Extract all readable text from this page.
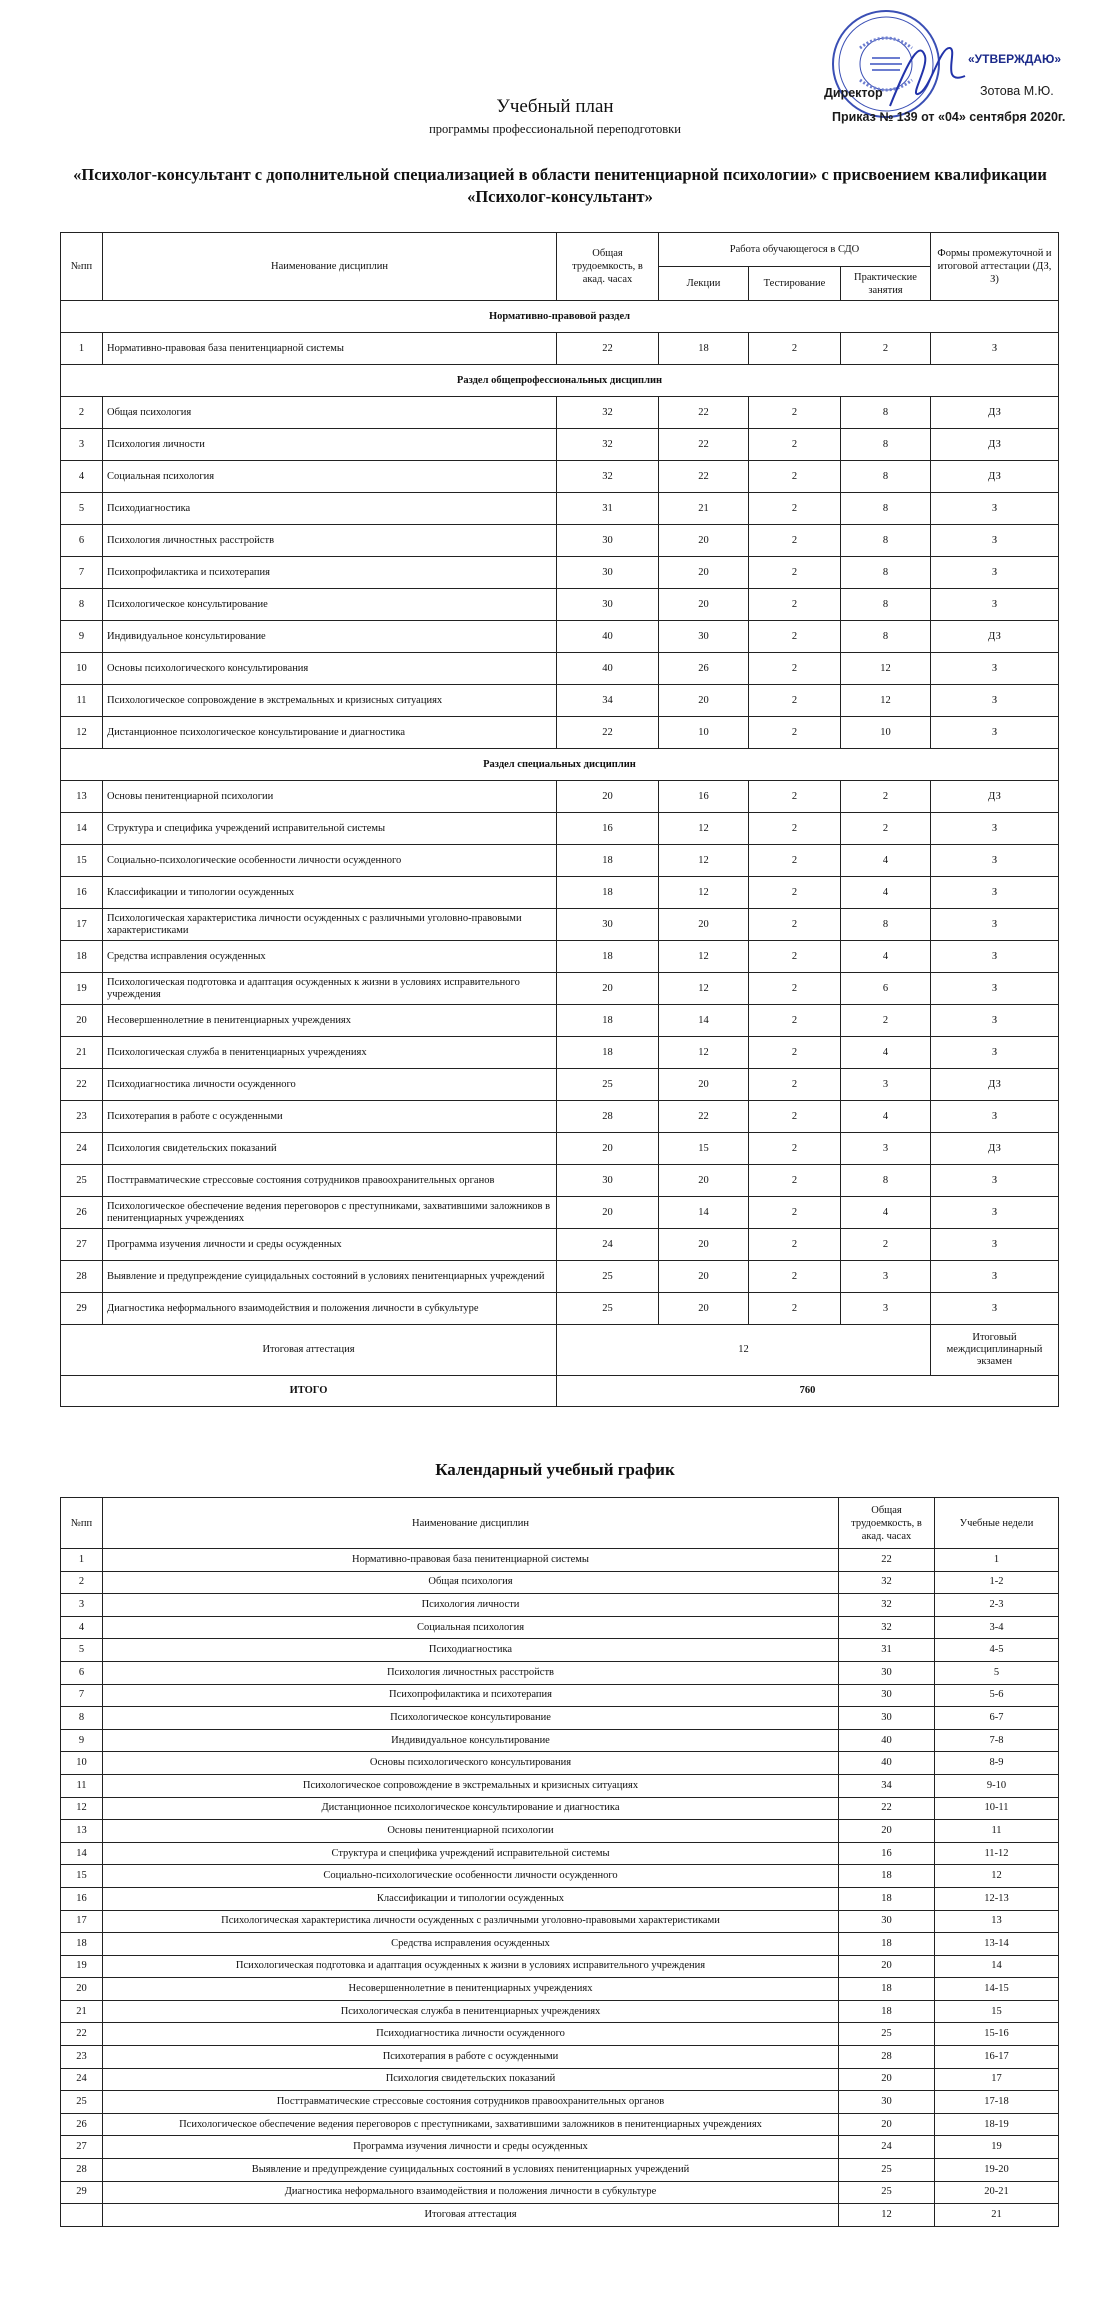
«УТВЕРЖДАЮ»
Директор	Зотова М.Ю.
Приказ № 139 от «04» сентября 2020г.
Учебный план
программы профессиональной переподготовки
«Психолог-консультант с дополнительной специализацией в области пенитенциарной психологии» с присвоением квалификации «Психолог-консультант»
№пп	Наименование дисциплин	Общая трудоемкость, в акад. часах	Работа обучающегося в СДО			Формы промежуточной и итоговой аттестации (ДЗ, З)
			Лекции	Тестирование	Практические занятия	
Нормативно-правовой раздел						
1	Нормативно-правовая база пенитенциарной системы	22	18	2	2	З
Раздел общепрофессиональных дисциплин						
2	Общая психология	32	22	2	8	ДЗ
3	Психология личности	32	22	2	8	ДЗ
4	Социальная психология	32	22	2	8	ДЗ
5	Психодиагностика	31	21	2	8	З
6	Психология личностных расстройств	30	20	2	8	З
7	Психопрофилактика и психотерапия	30	20	2	8	З
8	Психологическое консультирование	30	20	2	8	З
9	Индивидуальное консультирование	40	30	2	8	ДЗ
10	Основы психологического консультирования	40	26	2	12	З
11	Психологическое сопровождение в экстремальных и кризисных ситуациях	34	20	2	12	З
12	Дистанционное психологическое консультирование и диагностика	22	10	2	10	З
Раздел специальных дисциплин						
13	Основы пенитенциарной психологии	20	16	2	2	ДЗ
14	Структура и специфика учреждений исправительной системы	16	12	2	2	З
15	Социально-психологические особенности личности осужденного	18	12	2	4	З
16	Классификации и типологии осужденных	18	12	2	4	З
17	Психологическая характеристика личности осужденных с различными уголовно-правовыми характеристиками	30	20	2	8	З
18	Средства исправления осужденных	18	12	2	4	З
19	Психологическая подготовка и адаптация осужденных к жизни в условиях исправительного учреждения	20	12	2	6	З
20	Несовершеннолетние в пенитенциарных учреждениях	18	14	2	2	З
21	Психологическая служба в пенитенциарных учреждениях	18	12	2	4	З
22	Психодиагностика личности осужденного	25	20	2	3	ДЗ
23	Психотерапия в работе с осужденными	28	22	2	4	З
24	Психология свидетельских показаний	20	15	2	3	ДЗ
25	Посттравматические стрессовые состояния сотрудников правоохранительных органов	30	20	2	8	З
26	Психологическое обеспечение ведения переговоров с преступниками, захватившими заложников в пенитенциарных учреждениях	20	14	2	4	З
27	Программа изучения личности и среды осужденных	24	20	2	2	З
28	Выявление и предупреждение суицидальных состояний в условиях пенитенциарных учреждений	25	20	2	3	З
29	Диагностика неформального взаимодействия и положения личности в субкультуре	25	20	2	3	З
Итоговая аттестация		12				Итоговый междисциплинарный экзамен
ИТОГО		760				
Календарный учебный график
№пп	Наименование дисциплин	Общая трудоемкость, в акад. часах	Учебные недели
1	Нормативно-правовая база пенитенциарной системы	22	1
2	Общая психология	32	1-2
3	Психология личности	32	2-3
4	Социальная психология	32	3-4
5	Психодиагностика	31	4-5
6	Психология личностных расстройств	30	5
7	Психопрофилактика и психотерапия	30	5-6
8	Психологическое консультирование	30	6-7
9	Индивидуальное консультирование	40	7-8
10	Основы психологического консультирования	40	8-9
11	Психологическое сопровождение в экстремальных и кризисных ситуациях	34	9-10
12	Дистанционное психологическое консультирование и диагностика	22	10-11
13	Основы пенитенциарной психологии	20	11
14	Структура и специфика учреждений исправительной системы	16	11-12
15	Социально-психологические особенности личности осужденного	18	12
16	Классификации и типологии осужденных	18	12-13
17	Психологическая характеристика личности осужденных с различными уголовно-правовыми характеристиками	30	13
18	Средства исправления осужденных	18	13-14
19	Психологическая подготовка и адаптация осужденных к жизни в условиях исправительного учреждения	20	14
20	Несовершеннолетние в пенитенциарных учреждениях	18	14-15
21	Психологическая служба в пенитенциарных учреждениях	18	15
22	Психодиагностика личности осужденного	25	15-16
23	Психотерапия в работе с осужденными	28	16-17
24	Психология свидетельских показаний	20	17
25	Посттравматические стрессовые состояния сотрудников правоохранительных органов	30	17-18
26	Психологическое обеспечение ведения переговоров с преступниками, захватившими заложников в пенитенциарных учреждениях	20	18-19
27	Программа изучения личности и среды осужденных	24	19
28	Выявление и предупреждение суицидальных состояний в условиях пенитенциарных учреждений	25	19-20
29	Диагностика неформального взаимодействия и положения личности в субкультуре	25	20-21
	Итоговая аттестация	12	21
